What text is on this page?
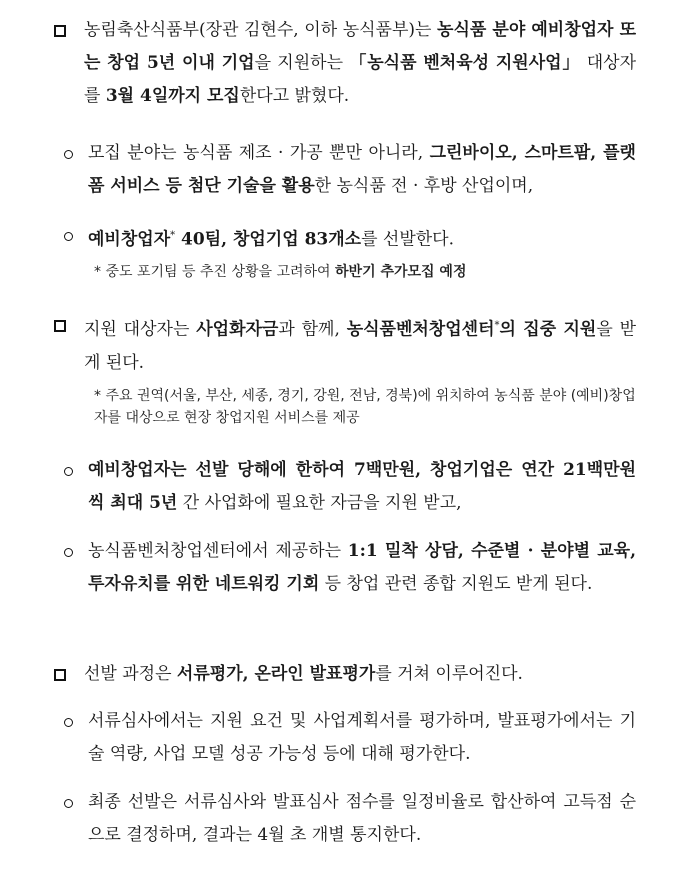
농림축산식품부(장관 김현수, 이하 농식품부)는 농식품 분야 예비창업자 또는 창업 5년 이내 기업을 지원하는 「농식품 벤처육성 지원사업」 대상자를 3월 4일까지 모집한다고 밝혔다.
모집 분야는 농식품 제조 · 가공 뿐만 아니라, 그린바이오, 스마트팜, 플랫폼 서비스 등 첨단 기술을 활용한 농식품 전 · 후방 산업이며,
예비창업자* 40팀, 창업기업 83개소를 선발한다.
* 중도 포기팀 등 추진 상황을 고려하여 하반기 추가모집 예정
지원 대상자는 사업화자금과 함께, 농식품벤처창업센터*의 집중 지원을 받게 된다.
* 주요 권역(서울, 부산, 세종, 경기, 강원, 전남, 경북)에 위치하여 농식품 분야 (예비)창업자를 대상으로 현장 창업지원 서비스를 제공
예비창업자는 선발 당해에 한하여 7백만원, 창업기업은 연간 21백만원 씩 최대 5년 간 사업화에 필요한 자금을 지원 받고,
농식품벤처창업센터에서 제공하는 1:1 밀착 상담, 수준별 · 분야별 교육, 투자유치를 위한 네트워킹 기회 등 창업 관련 종합 지원도 받게 된다.
선발 과정은 서류평가, 온라인 발표평가를 거쳐 이루어진다.
서류심사에서는 지원 요건 및 사업계획서를 평가하며, 발표평가에서는 기술 역량, 사업 모델 성공 가능성 등에 대해 평가한다.
최종 선발은 서류심사와 발표심사 점수를 일정비율로 합산하여 고득점 순으로 결정하며, 결과는 4월 초 개별 통지한다.
